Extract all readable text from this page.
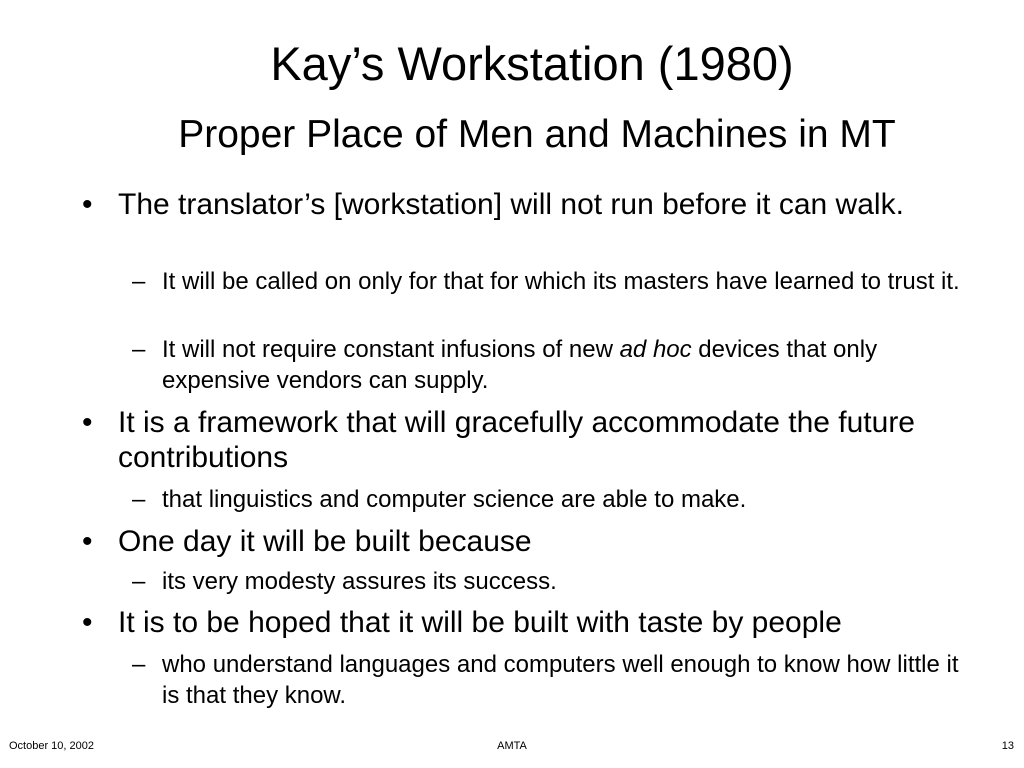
Kay’s Workstation (1980)
Proper Place of Men and Machines in MT
• The translator’s [workstation] will not run before it can walk.
– It will be called on only for that for which its masters have learned to trust it.
– It will not require constant infusions of new ad hoc devices that only expensive vendors can supply.
• It is a framework that will gracefully accommodate the future contributions
– that linguistics and computer science are able to make.
• One day it will be built because
– its very modesty assures its success.
• It is to be hoped that it will be built with taste by people
– who understand languages and computers well enough to know how little it is that they know.
October 10, 2002	AMTA	13
